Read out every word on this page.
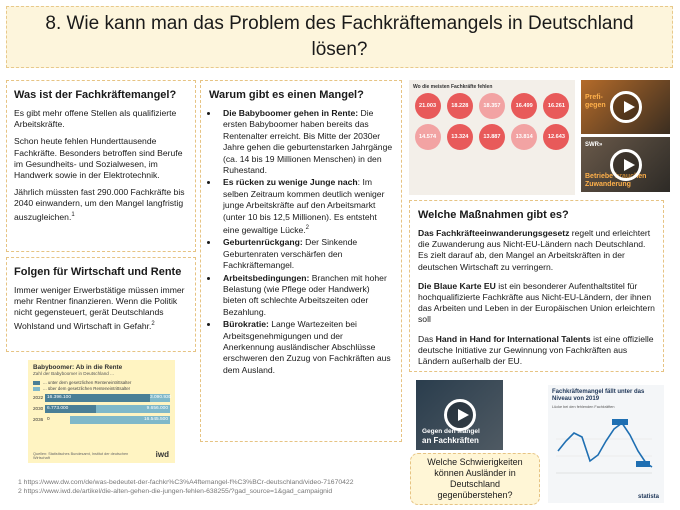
8. Wie kann man das Problem des Fachkräftemangels in Deutschland lösen?
Was ist der Fachkräftemangel?

Es gibt mehr offene Stellen als qualifizierte Arbeitskräfte.

Schon heute fehlen Hunderttausende Fachkräfte. Besonders betroffen sind Berufe im Gesundheits- und Sozialwesen, im Handwerk sowie in der Elektrotechnik.

Jährlich müssten fast 290.000 Fachkräfte bis 2040 einwandern, um den Mangel langfristig auszugleichen.$^1$

Folgen für Wirtschaft und Rente

Immer weniger Erwerbstätige müssen immer mehr Rentner finanzieren. Wenn die Politik nicht gegensteuert, gerät Deutschlands Wohlstand und Wirtschaft in Gefahr.$^2$

Babyboomer: Ab in die Rente
Zahl der Babyboomer in Deutschland ...
... unter dem gesetzlichen Renteneintrittsalter
... über dem gesetzlichen Renteneintrittsalter
2022 16.396.100	3.090.930
2030 6.773.000	9.656.000
2036 0	16.545.500
Quellen: Statistisches Bundesamt, Institut der deutschen Wirtschaft	iwd
Warum gibt es einen Mangel?
• Die Babyboomer gehen in Rente: Die ersten Babyboomer haben bereits das Rentenalter erreicht. Bis Mitte der 2030er Jahre gehen die geburtenstarken Jahrgänge (ca. 14 bis 19 Millionen Menschen) in den Ruhestand.
• Es rücken zu wenige Junge nach: Im selben Zeitraum kommen deutlich weniger junge Arbeitskräfte auf den Arbeitsmarkt (unter 10 bis 12,5 Millionen). Es entsteht eine gewaltige Lücke.$^2$
• Geburtenrückgang: Der Sinkende Geburtenraten verschärfen den Fachkräftemangel.
• Arbeitsbedingungen: Branchen mit hoher Belastung (wie Pflege oder Handwerk) bieten oft schlechte Arbeitszeiten oder Bezahlung.
• Bürokratie: Lange Wartezeiten bei Arbeitsgenehmigungen und der Anerkennung ausländischer Abschlüsse erschweren den Zuzug von Fachkräften aus dem Ausland.
Wo die meisten Fachkräfte fehlen
21.003	18.228	18.357	16.499	16.261
14.574	13.324	13.887	13.814	12.643
Prefi- gegen
SWR»
Betriebe brauchen Zuwanderung
Welche Maßnahmen gibt es?

Das Fachkräfteeinwanderungsgesetz regelt und erleichtert die Zuwanderung aus Nicht-EU-Ländern nach Deutschland. Es zielt darauf ab, den Mangel an Arbeitskräften in der deutschen Wirtschaft zu verringern.

Die Blaue Karte EU ist ein besonderer Aufenthaltstitel für hochqualifizierte Fachkräfte aus Nicht-EU-Ländern, der ihnen das Arbeiten und Leben in der Europäischen Union erleichtern soll

Das Hand in Hand for International Talents ist eine offizielle deutsche Initiative zur Gewinnung von Fachkräften aus Ländern außerhalb der EU.

Gegen den Mangel
an Fachkräften
Welche Schwierigkeiten können Ausländer in Deutschland gegenüberstehen?
Fachkräftemangel fällt unter das Niveau von 2019
Lücke bei den fehlenden Fachkräften
statista
1 https://www.dw.com/de/was-bedeutet-der-fachkr%C3%A4ftemangel-f%C3%BCr-deutschland/video-71670422
2 https://www.iwd.de/artikel/die-alten-gehen-die-jungen-fehlen-638255/?gad_source=1&gad_campaignid
